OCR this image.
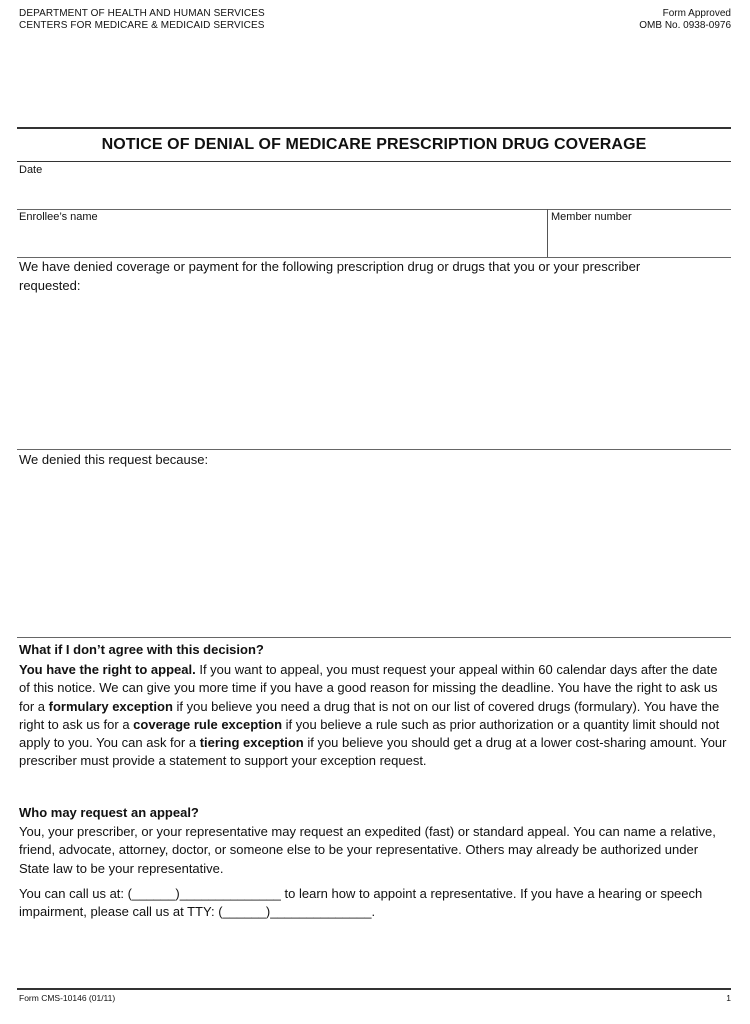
DEPARTMENT OF HEALTH AND HUMAN SERVICES
CENTERS FOR MEDICARE & MEDICAID SERVICES
Form Approved
OMB No. 0938-0976
NOTICE OF DENIAL OF MEDICARE PRESCRIPTION DRUG COVERAGE
Date
Enrollee’s name	Member number
We have denied coverage or payment for the following prescription drug or drugs that you or your prescriber requested:
We denied this request because:
What if I don’t agree with this decision?

You have the right to appeal. If you want to appeal, you must request your appeal within 60 calendar days after the date of this notice. We can give you more time if you have a good reason for missing the deadline. You have the right to ask us for a formulary exception if you believe you need a drug that is not on our list of covered drugs (formulary). You have the right to ask us for a coverage rule exception if you believe a rule such as prior authorization or a quantity limit should not apply to you. You can ask for a tiering exception if you believe you should get a drug at a lower cost-sharing amount. Your prescriber must provide a statement to support your exception request.

Who may request an appeal?

You, your prescriber, or your representative may request an expedited (fast) or standard appeal. You can name a relative, friend, advocate, attorney, doctor, or someone else to be your representative. Others may already be authorized under State law to be your representative.

You can call us at: (______)______________ to learn how to appoint a representative. If you have a hearing or speech impairment, please call us at TTY: (______)______________.

Form CMS-10146 (01/11)	1
